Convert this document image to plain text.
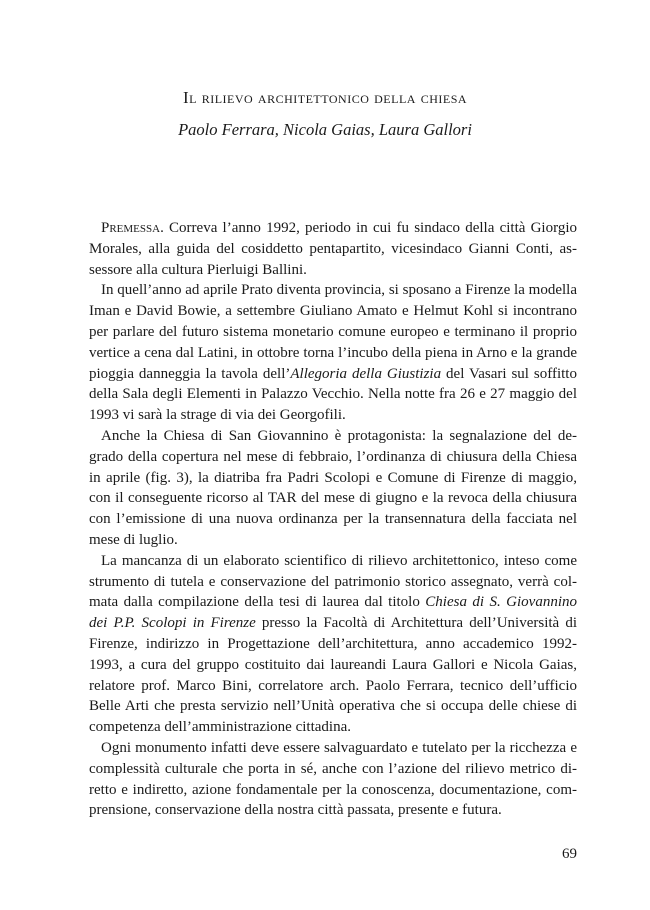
Il rilievo architettonico della chiesa
Paolo Ferrara, Nicola Gaias, Laura Gallori

Premessa. Correva l’anno 1992, periodo in cui fu sindaco della città Giorgio Morales, alla guida del cosiddetto pentapartito, vicesindaco Gianni Conti, assessore alla cultura Pierluigi Ballini.

In quell’anno ad aprile Prato diventa provincia, si sposano a Firenze la modella Iman e David Bowie, a settembre Giuliano Amato e Helmut Kohl si incontrano per parlare del futuro sistema monetario comune europeo e terminano il proprio vertice a cena dal Latini, in ottobre torna l’incubo della piena in Arno e la grande pioggia danneggia la tavola dell’Allegoria della Giustizia del Vasari sul soffitto della Sala degli Elementi in Palazzo Vecchio. Nella notte fra 26 e 27 maggio del 1993 vi sarà la strage di via dei Georgofili.

Anche la Chiesa di San Giovannino è protagonista: la segnalazione del degrado della copertura nel mese di febbraio, l’ordinanza di chiusura della Chiesa in aprile (fig. 3), la diatriba fra Padri Scolopi e Comune di Firenze di maggio, con il conseguente ricorso al TAR del mese di giugno e la revoca della chiusura con l’emissione di una nuova ordinanza per la transennatura della facciata nel mese di luglio.

La mancanza di un elaborato scientifico di rilievo architettonico, inteso come strumento di tutela e conservazione del patrimonio storico assegnato, verrà colmata dalla compilazione della tesi di laurea dal titolo Chiesa di S. Giovannino dei P.P. Scolopi in Firenze presso la Facoltà di Architettura dell’Università di Firenze, indirizzo in Progettazione dell’architettura, anno accademico 1992-1993, a cura del gruppo costituito dai laureandi Laura Gallori e Nicola Gaias, relatore prof. Marco Bini, correlatore arch. Paolo Ferrara, tecnico dell’ufficio Belle Arti che presta servizio nell’Unità operativa che si occupa delle chiese di competenza dell’amministrazione cittadina.

Ogni monumento infatti deve essere salvaguardato e tutelato per la ricchezza e complessità culturale che porta in sé, anche con l’azione del rilievo metrico diretto e indiretto, azione fondamentale per la conoscenza, documentazione, comprensione, conservazione della nostra città passata, presente e futura.

69
